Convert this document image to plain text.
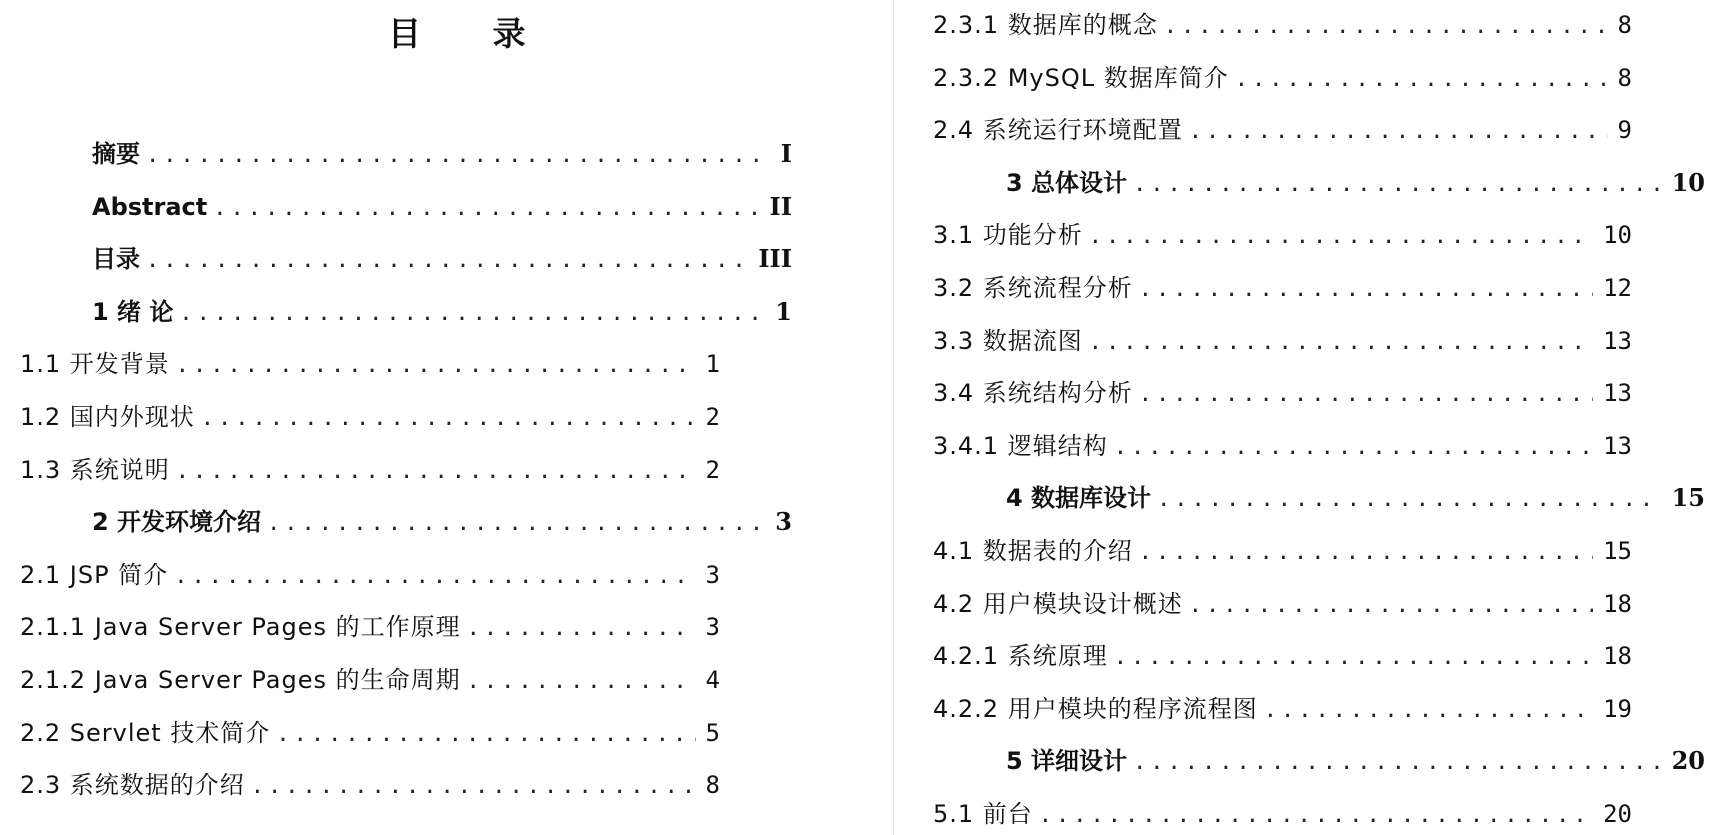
目 录
摘要 .....	I
Abstract .....	II
目录 .....	III
1 绪 论 .....	1
1.1 开发背景 .....	1
1.2 国内外现状 .....	2
1.3 系统说明 .....	2
2 开发环境介绍 .....	3
2.1 JSP 简介 .....	3
2.1.1 Java Server Pages 的工作原理 .....	3
2.1.2 Java Server Pages 的生命周期 .....	4
2.2 Servlet 技术简介 .....	5
2.3 系统数据的介绍 .....	8
2.3.1 数据库的概念 .....	8
2.3.2 MySQL 数据库简介 .....	8
2.4 系统运行环境配置 .....	9
3 总体设计 .....	10
3.1 功能分析 .....	10
3.2 系统流程分析 .....	12
3.3 数据流图 .....	13
3.4 系统结构分析 .....	13
3.4.1 逻辑结构 .....	13
4 数据库设计 .....	15
4.1 数据表的介绍 .....	15
4.2 用户模块设计概述 .....	18
4.2.1 系统原理 .....	18
4.2.2 用户模块的程序流程图 .....	19
5 详细设计 .....	20
5.1 前台 .....	20
